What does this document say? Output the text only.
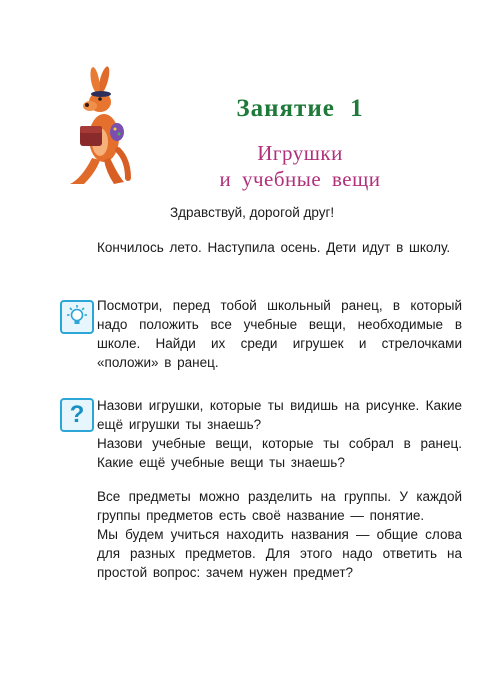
Занятие 1
Игрушки
и учебные вещи
Здравствуй, дорогой друг!
Кончилось лето. Наступила осень. Дети идут в школу.
Посмотри, перед тобой школьный ранец, в который надо положить все учебные вещи, необходимые в школе. Найди их среди игрушек и стрелочками «положи» в ранец.
? Назови игрушки, которые ты видишь на рисунке. Какие ещё игрушки ты знаешь?
Назови учебные вещи, которые ты собрал в ранец. Какие ещё учебные вещи ты знаешь?
Все предметы можно разделить на группы. У каждой группы предметов есть своё название — понятие.
Мы будем учиться находить названия — общие слова для разных предметов. Для этого надо ответить на простой вопрос: зачем нужен предмет?
